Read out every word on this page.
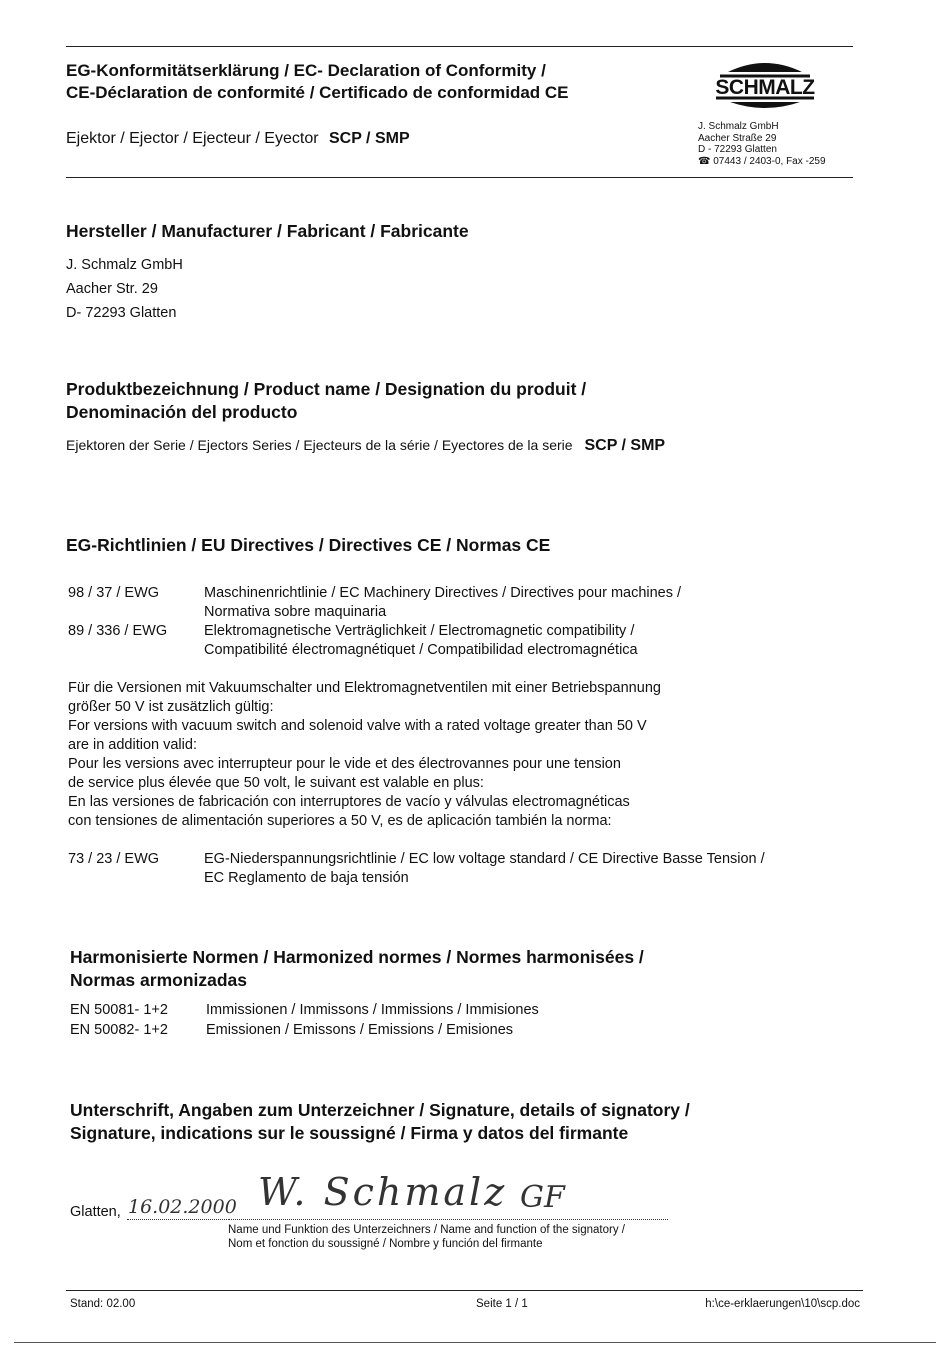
EG-Konformitätserklärung / EC- Declaration of Conformity /
CE-Déclaration de conformité / Certificado de conformidad CE
Ejektor / Ejector / Ejecteur / Eyector SCP / SMP
SCHMALZ
J. Schmalz GmbH
Aacher Straße 29
D - 72293 Glatten
☎ 07443 / 2403-0, Fax -259
Hersteller / Manufacturer / Fabricant / Fabricante
J. Schmalz GmbH
Aacher Str. 29
D- 72293 Glatten
Produktbezeichnung / Product name / Designation du produit /
Denominación del producto
Ejektoren der Serie / Ejectors Series / Ejecteurs de la série / Eyectores de la serie SCP / SMP
EG-Richtlinien / EU Directives / Directives CE / Normas CE
98 / 37 / EWG	Maschinenrichtlinie / EC Machinery Directives / Directives pour machines /
Normativa sobre maquinaria
89 / 336 / EWG	Elektromagnetische Verträglichkeit / Electromagnetic compatibility /
Compatibilité électromagnétiquet / Compatibilidad electromagnética
Für die Versionen mit Vakuumschalter und Elektromagnetventilen mit einer Betriebspannung
größer 50 V ist zusätzlich gültig:
For versions with vacuum switch and solenoid valve with a rated voltage greater than 50 V
are in addition valid:
Pour les versions avec interrupteur pour le vide et des électrovannes pour une tension
de service plus élevée que 50 volt, le suivant est valable en plus:
En las versiones de fabricación con interruptores de vacío y válvulas electromagnéticas
con tensiones de alimentación superiores a 50 V, es de aplicación también la norma:
73 / 23 / EWG	EG-Niederspannungsrichtlinie / EC low voltage standard / CE Directive Basse Tension /
EC Reglamento de baja tensión
Harmonisierte Normen / Harmonized normes / Normes harmonisées /
Normas armonizadas
EN 50081- 1+2	Immissionen / Immissons / Immissions / Immisiones
EN 50082- 1+2	Emissionen / Emissons / Emissions / Emisiones
Unterschrift, Angaben zum Unterzeichner / Signature, details of signatory /
Signature, indications sur le soussigné / Firma y datos del firmante
Glatten, 16.02.2000 W. Schmalz GF
Name und Funktion des Unterzeichners / Name and function of the signatory /
Nom et fonction du soussigné / Nombre y función del firmante
Stand: 02.00	Seite 1 / 1	h:\ce-erklaerungen\10\scp.doc
